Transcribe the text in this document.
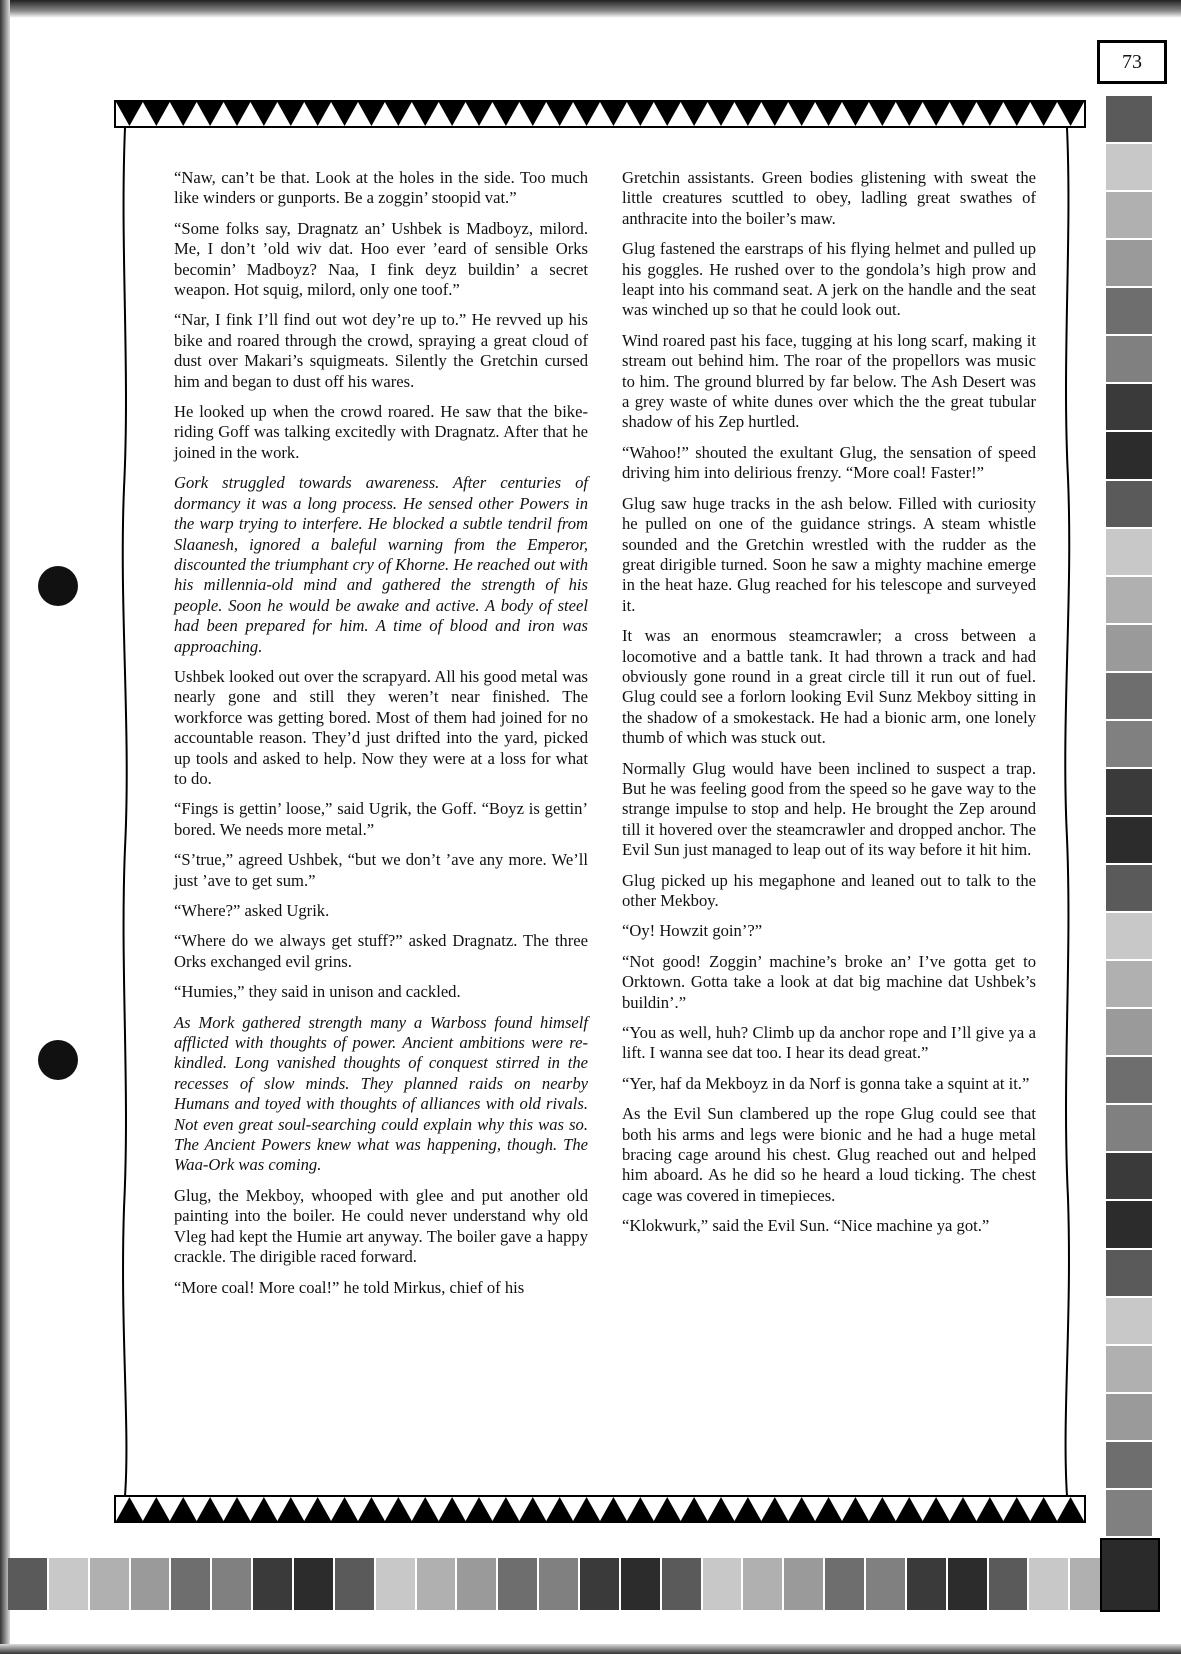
73

“Naw, can’t be that. Look at the holes in the side. Too much like winders or gunports. Be a zoggin’ stoopid vat.”

“Some folks say, Dragnatz an’ Ushbek is Madboyz, milord. Me, I don’t ’old wiv dat. Hoo ever ’eard of sensible Orks becomin’ Madboyz? Naa, I fink deyz buildin’ a secret weapon. Hot squig, milord, only one toof.”

“Nar, I fink I’ll find out wot dey’re up to.” He revved up his bike and roared through the crowd, spraying a great cloud of dust over Makari’s squigmeats. Silently the Gretchin cursed him and began to dust off his wares.

He looked up when the crowd roared. He saw that the bike-riding Goff was talking excitedly with Dragnatz. After that he joined in the work.

Gork struggled towards awareness. After centuries of dormancy it was a long process. He sensed other Powers in the warp trying to interfere. He blocked a subtle tendril from Slaanesh, ignored a baleful warning from the Emperor, discounted the triumphant cry of Khorne. He reached out with his millennia-old mind and gathered the strength of his people. Soon he would be awake and active. A body of steel had been prepared for him. A time of blood and iron was approaching.

Ushbek looked out over the scrapyard. All his good metal was nearly gone and still they weren’t near finished. The workforce was getting bored. Most of them had joined for no accountable reason. They’d just drifted into the yard, picked up tools and asked to help. Now they were at a loss for what to do.

“Fings is gettin’ loose,” said Ugrik, the Goff. “Boyz is gettin’ bored. We needs more metal.”

“S’true,” agreed Ushbek, “but we don’t ’ave any more. We’ll just ’ave to get sum.”

“Where?” asked Ugrik.

“Where do we always get stuff?” asked Dragnatz. The three Orks exchanged evil grins.

“Humies,” they said in unison and cackled.

As Mork gathered strength many a Warboss found himself afflicted with thoughts of power. Ancient ambitions were re-kindled. Long vanished thoughts of conquest stirred in the recesses of slow minds. They planned raids on nearby Humans and toyed with thoughts of alliances with old rivals. Not even great soul-searching could explain why this was so. The Ancient Powers knew what was happening, though. The Waa-Ork was coming.

Glug, the Mekboy, whooped with glee and put another old painting into the boiler. He could never understand why old Vleg had kept the Humie art anyway. The boiler gave a happy crackle. The dirigible raced forward.

“More coal! More coal!” he told Mirkus, chief of his

Gretchin assistants. Green bodies glistening with sweat the little creatures scuttled to obey, ladling great swathes of anthracite into the boiler’s maw.

Glug fastened the earstraps of his flying helmet and pulled up his goggles. He rushed over to the gondola’s high prow and leapt into his command seat. A jerk on the handle and the seat was winched up so that he could look out.

Wind roared past his face, tugging at his long scarf, making it stream out behind him. The roar of the propellors was music to him. The ground blurred by far below. The Ash Desert was a grey waste of white dunes over which the the great tubular shadow of his Zep hurtled.

“Wahoo!” shouted the exultant Glug, the sensation of speed driving him into delirious frenzy. “More coal! Faster!”

Glug saw huge tracks in the ash below. Filled with curiosity he pulled on one of the guidance strings. A steam whistle sounded and the Gretchin wrestled with the rudder as the great dirigible turned. Soon he saw a mighty machine emerge in the heat haze. Glug reached for his telescope and surveyed it.

It was an enormous steamcrawler; a cross between a locomotive and a battle tank. It had thrown a track and had obviously gone round in a great circle till it run out of fuel. Glug could see a forlorn looking Evil Sunz Mekboy sitting in the shadow of a smokestack. He had a bionic arm, one lonely thumb of which was stuck out.

Normally Glug would have been inclined to suspect a trap. But he was feeling good from the speed so he gave way to the strange impulse to stop and help. He brought the Zep around till it hovered over the steamcrawler and dropped anchor. The Evil Sun just managed to leap out of its way before it hit him.

Glug picked up his megaphone and leaned out to talk to the other Mekboy.

“Oy! Howzit goin’?”

“Not good! Zoggin’ machine’s broke an’ I’ve gotta get to Orktown. Gotta take a look at dat big machine dat Ushbek’s buildin’.”

“You as well, huh? Climb up da anchor rope and I’ll give ya a lift. I wanna see dat too. I hear its dead great.”

“Yer, haf da Mekboyz in da Norf is gonna take a squint at it.”

As the Evil Sun clambered up the rope Glug could see that both his arms and legs were bionic and he had a huge metal bracing cage around his chest. Glug reached out and helped him aboard. As he did so he heard a loud ticking. The chest cage was covered in timepieces.

“Klokwurk,” said the Evil Sun. “Nice machine ya got.”
